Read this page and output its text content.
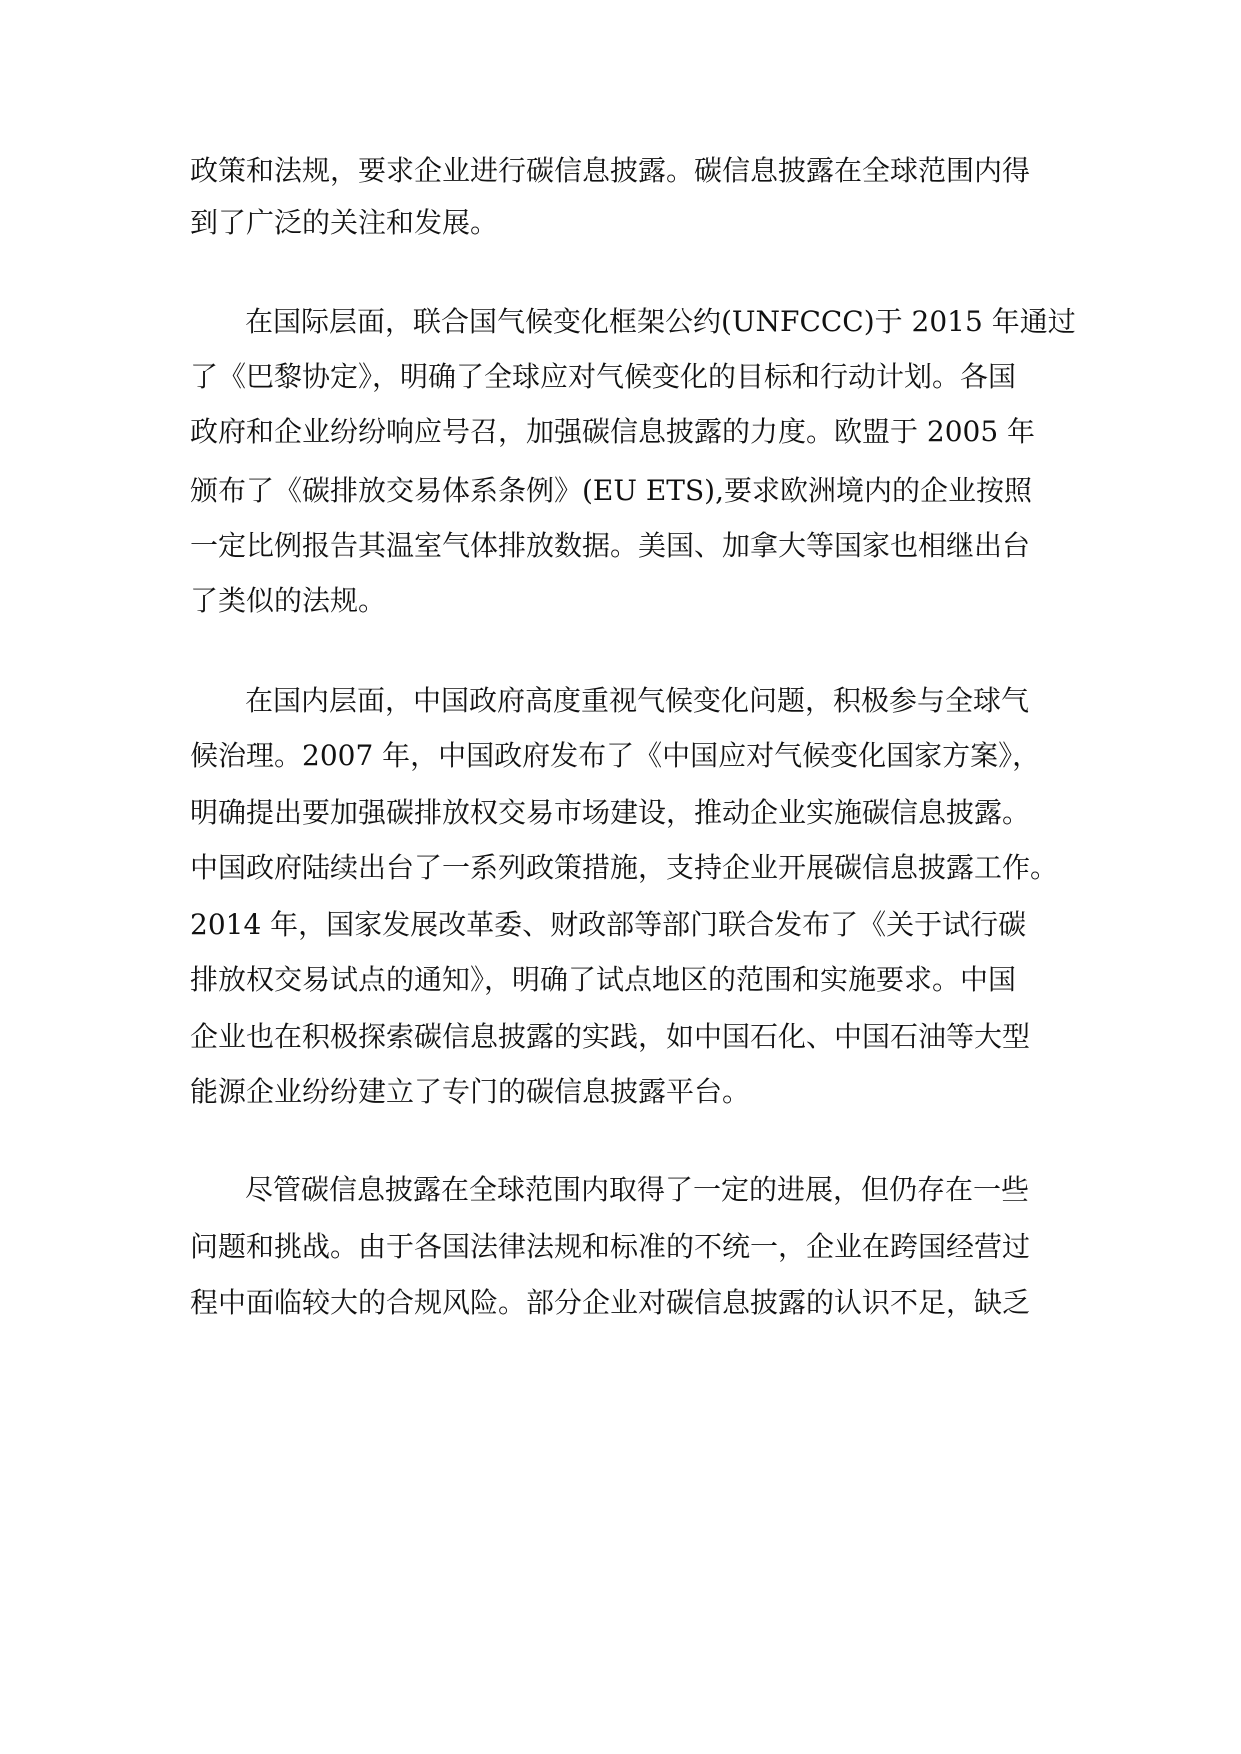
政策和法规，要求企业进行碳信息披露。碳信息披露在全球范围内得

到了广泛的关注和发展。

在国际层面，联合国气候变化框架公约(UNFCCC)于 2015 年通过

了《巴黎协定》，明确了全球应对气候变化的目标和行动计划。各国

政府和企业纷纷响应号召，加强碳信息披露的力度。欧盟于 2005 年

颁布了《碳排放交易体系条例》(EU ETS),要求欧洲境内的企业按照

一定比例报告其温室气体排放数据。美国、加拿大等国家也相继出台

了类似的法规。

在国内层面，中国政府高度重视气候变化问题，积极参与全球气

候治理。2007 年，中国政府发布了《中国应对气候变化国家方案》，

明确提出要加强碳排放权交易市场建设，推动企业实施碳信息披露。

中国政府陆续出台了一系列政策措施，支持企业开展碳信息披露工作。

2014 年，国家发展改革委、财政部等部门联合发布了《关于试行碳

排放权交易试点的通知》，明确了试点地区的范围和实施要求。中国

企业也在积极探索碳信息披露的实践，如中国石化、中国石油等大型

能源企业纷纷建立了专门的碳信息披露平台。

尽管碳信息披露在全球范围内取得了一定的进展，但仍存在一些

问题和挑战。由于各国法律法规和标准的不统一，企业在跨国经营过

程中面临较大的合规风险。部分企业对碳信息披露的认识不足，缺乏
